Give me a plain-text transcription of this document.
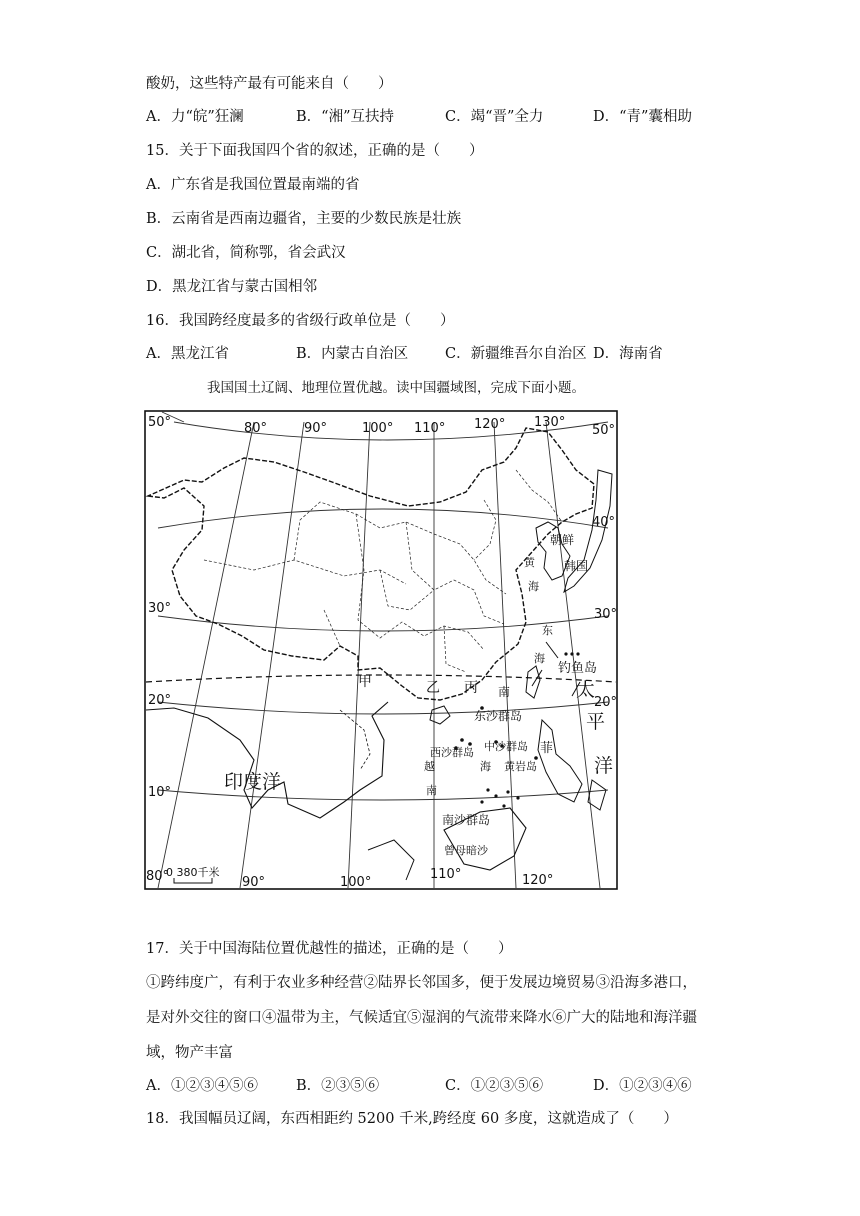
酸奶，这些特产最有可能来自（　　）
A．力“皖”狂澜	B．“湘”互扶持	C．竭“晋”全力	D．“青”囊相助
15．关于下面我国四个省的叙述，正确的是（　　）
A．广东省是我国位置最南端的省
B．云南省是西南边疆省，主要的少数民族是壮族
C．湖北省，简称鄂，省会武汉
D．黑龙江省与蒙古国相邻
16．我国跨经度最多的省级行政单位是（　　）
A．黑龙江省	B．内蒙古自治区	C．新疆维吾尔自治区 D．海南省
我国国土辽阔、地理位置优越。读中国疆域图，完成下面小题。
0 380千米
80°	90°	100° 110° 120° 130°
80°	90°	100°
110°	120°
50°
30°
20°
10°
50°
40°
30°
20°
朝鲜
韩国
黄
海
东
海
钓鱼岛
南
东沙群岛
太
平
洋
印度洋
甲	乙 丙
西沙群岛 中沙群岛
黄岩岛
海
南沙群岛
曾母暗沙
越
南
菲
17．关于中国海陆位置优越性的描述，正确的是（　　）
①跨纬度广，有利于农业多种经营②陆界长邻国多，便于发展边境贸易③沿海多港口，
是对外交往的窗口④温带为主，气候适宜⑤湿润的气流带来降水⑥广大的陆地和海洋疆
域，物产丰富
A．①②③④⑤⑥	B．②③⑤⑥	C．①②③⑤⑥	D．①②③④⑥
18．我国幅员辽阔，东西相距约 5200 千米,跨经度 60 多度，这就造成了（　　）
